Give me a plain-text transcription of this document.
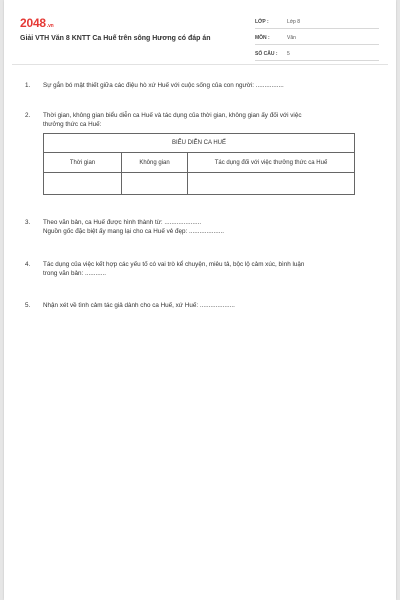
2048.vn
Giải VTH Văn 8 KNTT Ca Huế trên sông Hương có đáp án
LỚP :	Lớp 8
MÔN :	Văn
SỐ CÂU :	5
1. Sự gắn bó mật thiết giữa các điệu hò xứ Huế với cuộc sống của con người: ................
2. Thời gian, không gian biểu diễn ca Huế và tác dụng của thời gian, không gian ấy đối với việc
thưởng thức ca Huế:
BIỂU DIỄN CA HUẾ		
Thời gian	Không gian	Tác dụng đối với việc thưởng thức ca Huế

3. Theo văn bản, ca Huế được hình thành từ: .....................
Nguồn gốc đặc biệt ấy mang lại cho ca Huế vẻ đẹp: ....................
4. Tác dụng của việc kết hợp các yếu tố có vai trò kể chuyện, miêu tả, bộc lộ cảm xúc, bình luận
trong văn bản: ............
5. Nhận xét về tình cảm tác giả dành cho ca Huế, xứ Huế: ....................
